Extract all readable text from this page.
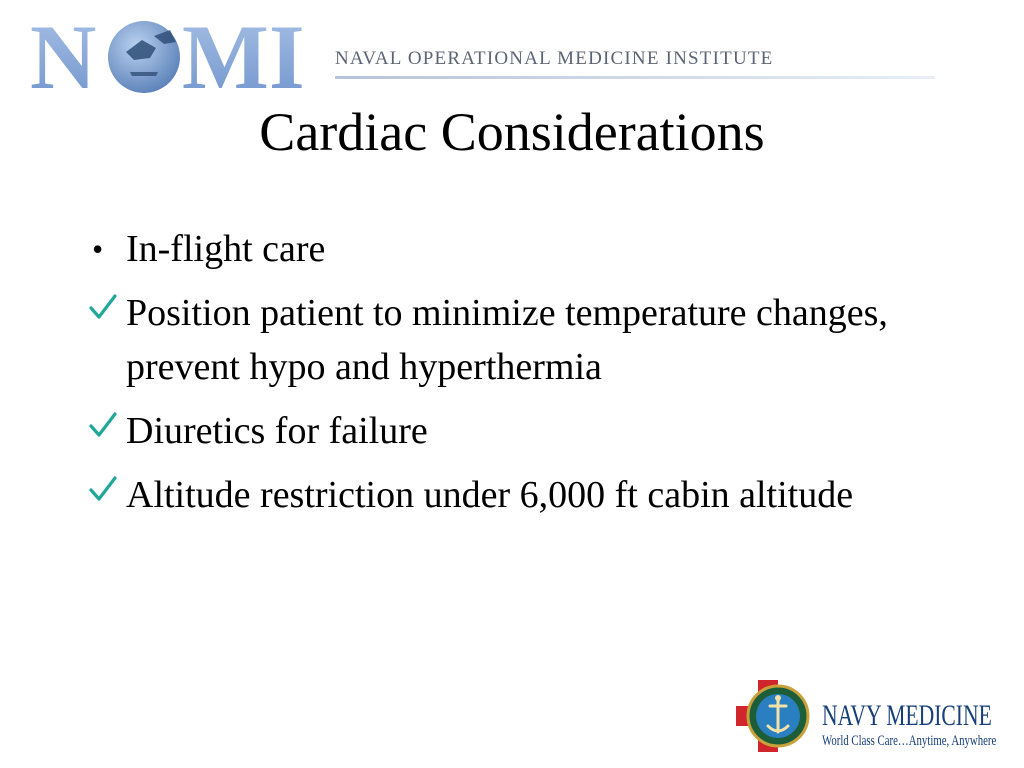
N MI NAVAL OPERATIONAL MEDICINE INSTITUTE
Cardiac Considerations
• In-flight care
Position patient to minimize temperature changes, prevent hypo and hyperthermia
Diuretics for failure
Altitude restriction under 6,000 ft cabin altitude
NAVY MEDICINE
World Class Care…Anytime, Anywhere
